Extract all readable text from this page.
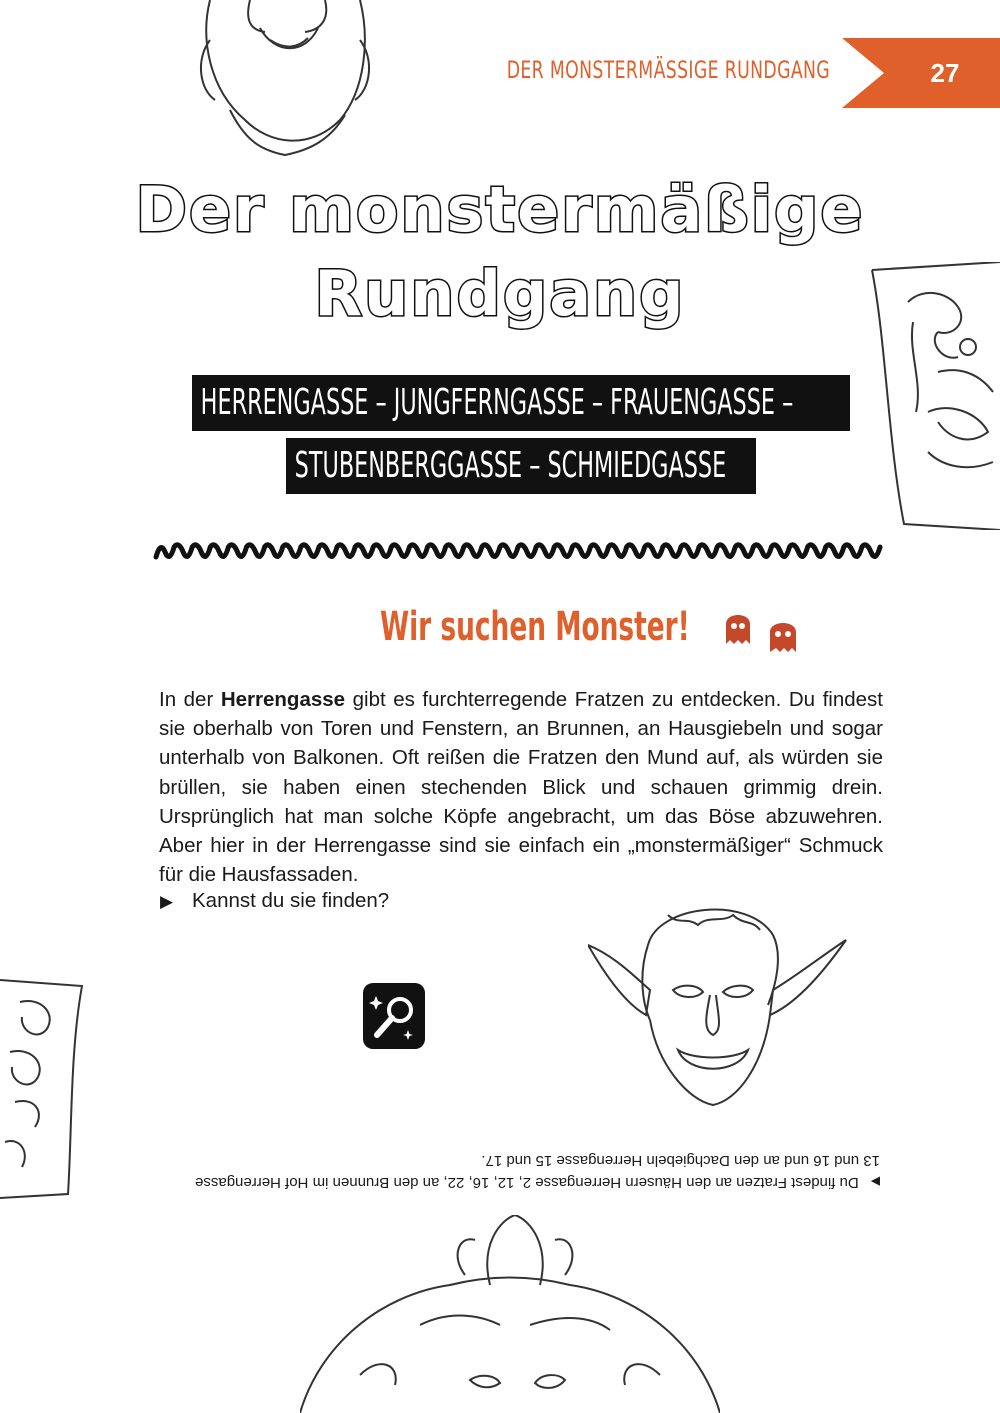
DER MONSTERMÄSSIGE RUNDGANG	27
Der monstermäßige
Rundgang
HERRENGASSE – JUNGFERNGASSE – FRAUENGASSE –
STUBENBERGGASSE – SCHMIEDGASSE
Wir suchen Monster!
In der Herrengasse gibt es furchterregende Fratzen zu entdecken. Du findest sie oberhalb von Toren und Fenstern, an Brunnen, an Hausgiebeln und sogar unterhalb von Balkonen. Oft reißen die Fratzen den Mund auf, als würden sie brüllen, sie haben einen stechenden Blick und schauen grimmig drein. Ursprünglich hat man solche Köpfe angebracht, um das Böse abzuwehren. Aber hier in der Herrengasse sind sie einfach ein „monstermäßiger“ Schmuck für die Hausfassaden.
▶ Kannst du sie finden?
▶Du findest Fratzen an den Häusern Herrengasse 2, 12, 16, 22, an den Brunnen im Hof Herrengasse 13 und 16 und an den Dachgiebeln Herrengasse 15 und 17.
